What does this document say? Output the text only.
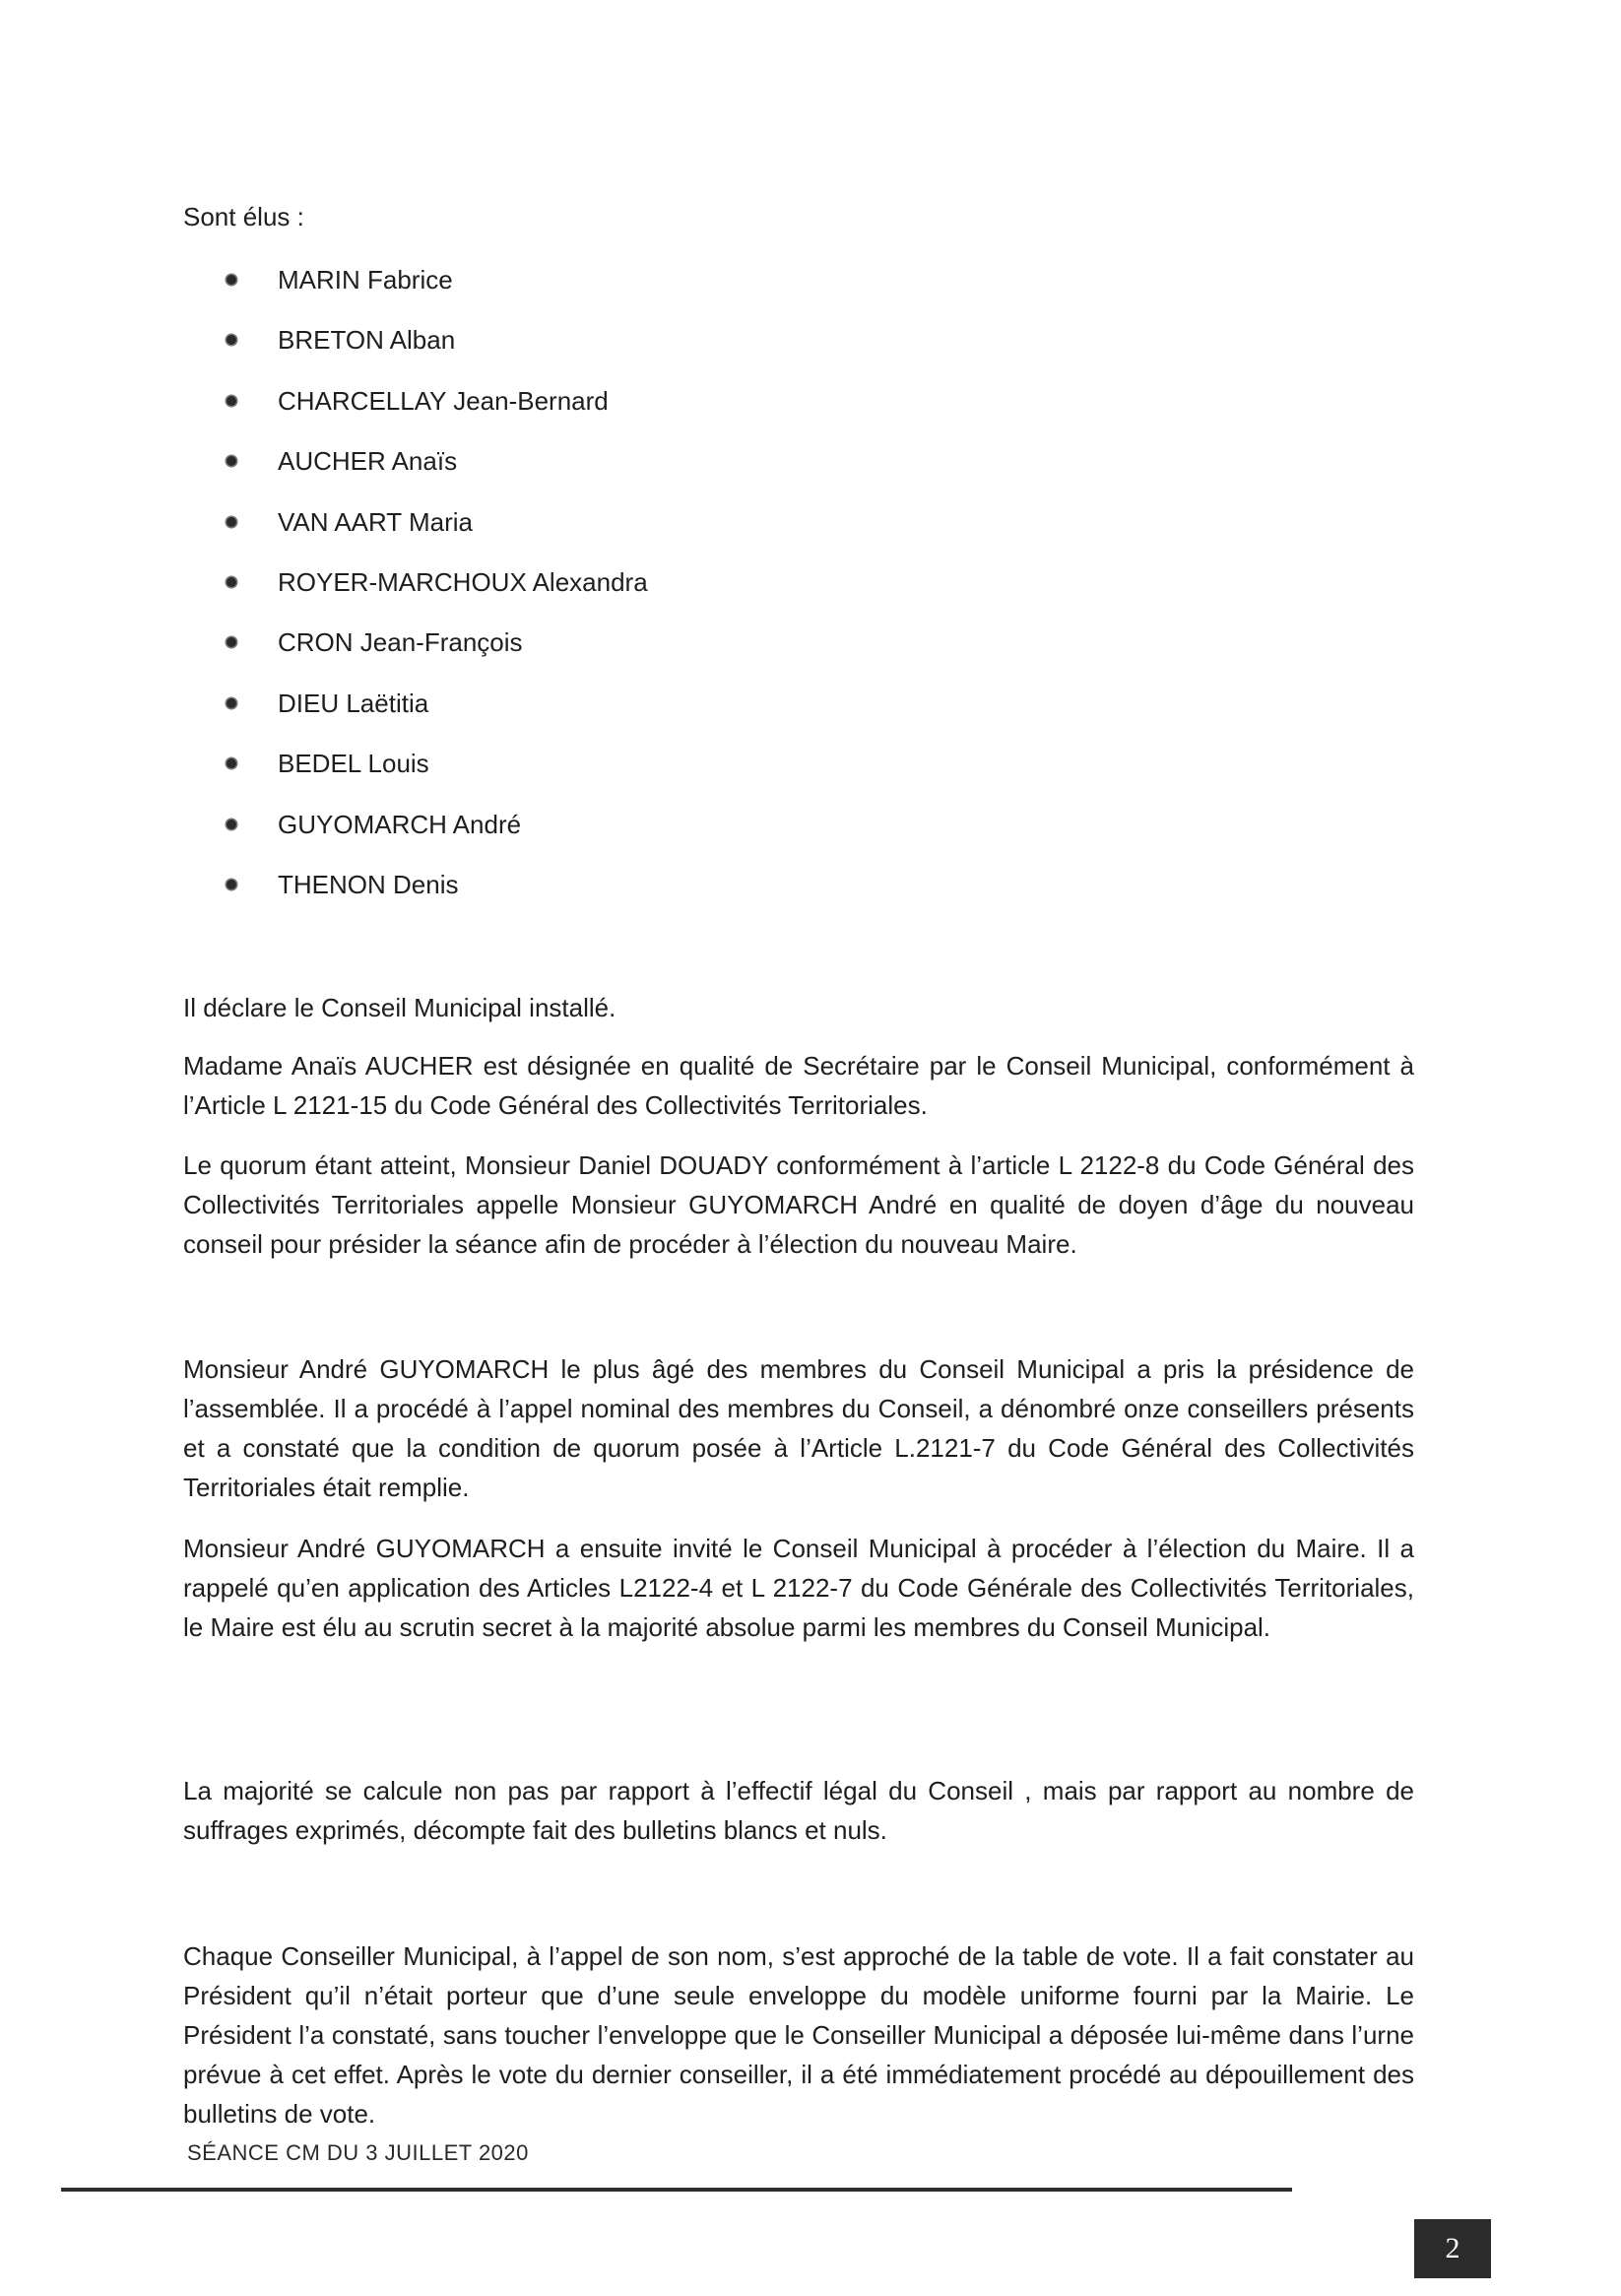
Sont élus :
MARIN Fabrice
BRETON Alban
CHARCELLAY Jean-Bernard
AUCHER Anaïs
VAN AART Maria
ROYER-MARCHOUX Alexandra
CRON Jean-François
DIEU Laëtitia
BEDEL Louis
GUYOMARCH André
THENON Denis

Il déclare le Conseil Municipal installé.

Madame Anaïs AUCHER est désignée en qualité de Secrétaire par le Conseil Municipal, conformément à l’Article L 2121-15 du Code Général des Collectivités Territoriales.

Le quorum étant atteint, Monsieur Daniel DOUADY conformément à l’article L 2122-8 du Code Général des Collectivités Territoriales appelle Monsieur GUYOMARCH André en qualité de doyen d’âge du nouveau conseil pour présider la séance afin de procéder à l’élection du nouveau Maire.

Monsieur André GUYOMARCH le plus âgé des membres du Conseil Municipal a pris la présidence de l’assemblée. Il a procédé à l’appel nominal des membres du Conseil, a dénombré onze conseillers présents et a constaté que la condition de quorum posée à l’Article L.2121-7 du Code Général des Collectivités Territoriales était remplie.

Monsieur André GUYOMARCH a ensuite invité le Conseil Municipal à procéder à l’élection du Maire. Il a rappelé qu’en application des Articles L2122-4 et L 2122-7 du Code Générale des Collectivités Territoriales, le Maire est élu au scrutin secret à la majorité absolue parmi les membres du Conseil Municipal.

La majorité se calcule non pas par rapport à l’effectif légal du Conseil , mais par rapport au nombre de suffrages exprimés, décompte fait des bulletins blancs et nuls.

Chaque Conseiller Municipal, à l’appel de son nom, s’est approché de la table de vote. Il a fait constater au Président qu’il n’était porteur que d’une seule enveloppe du modèle uniforme fourni par la Mairie. Le Président l’a constaté, sans toucher l’enveloppe que le Conseiller Municipal a déposée lui-même dans l’urne prévue à cet effet. Après le vote du dernier conseiller, il a été immédiatement procédé au dépouillement des bulletins de vote.

SÉANCE CM DU 3 JUILLET 2020
2
